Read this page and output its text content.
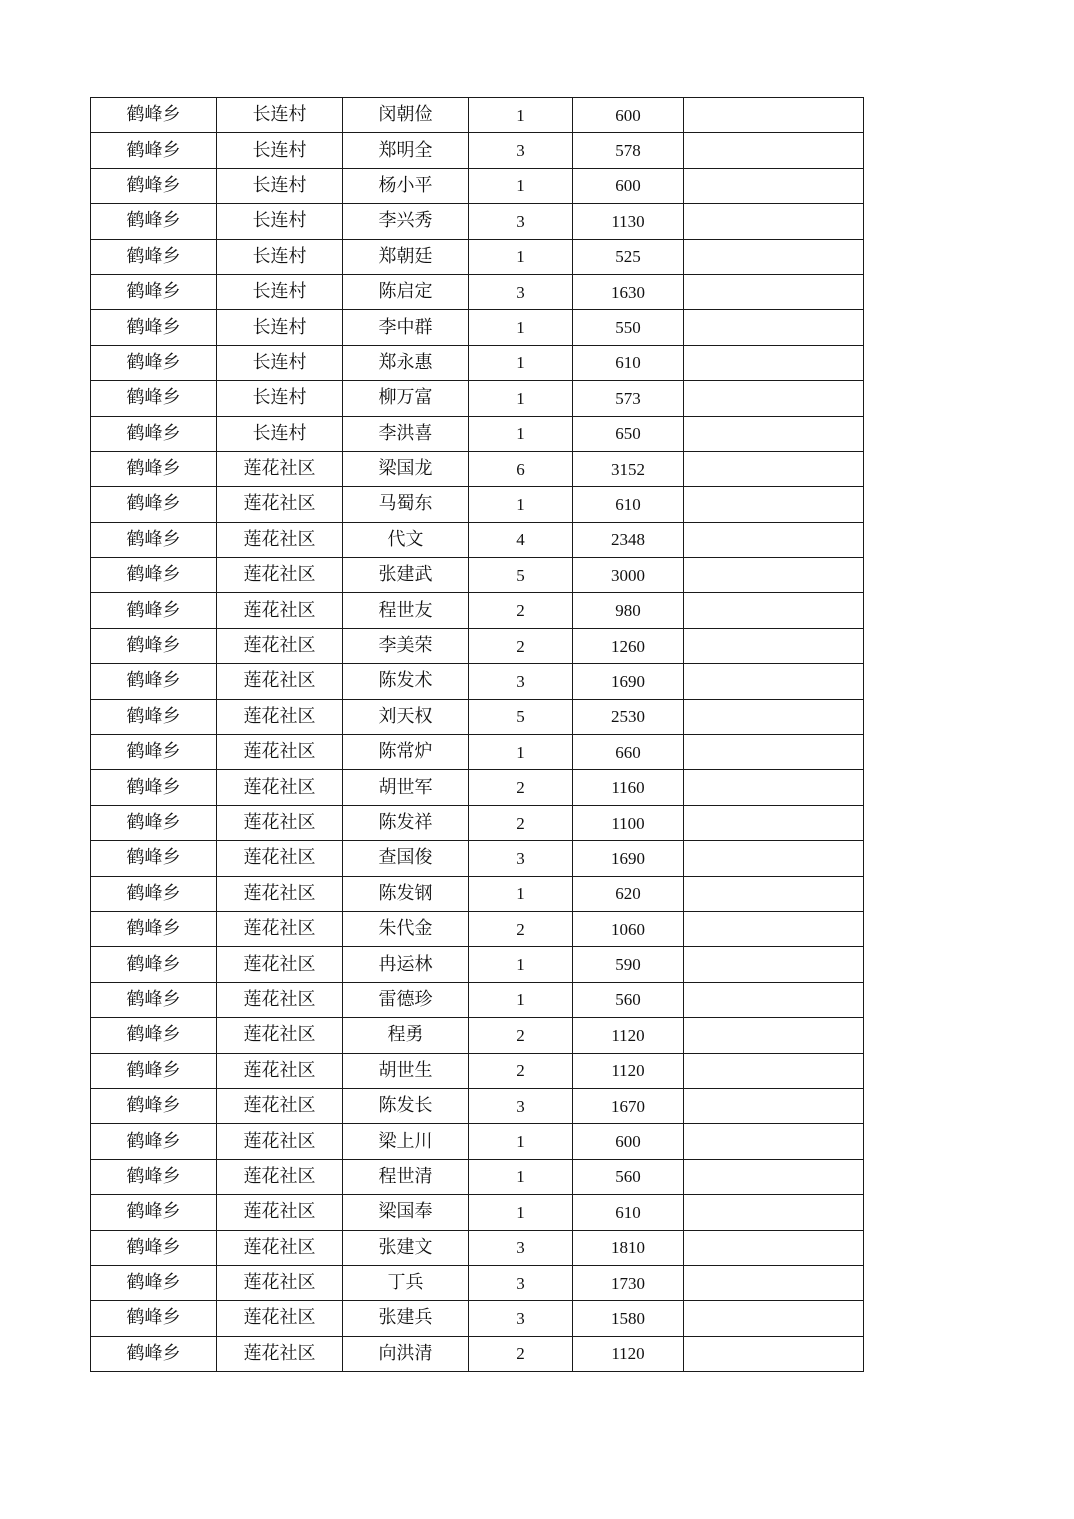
鹤峰乡	长连村	闵朝俭	1	600	
鹤峰乡	长连村	郑明全	3	578	
鹤峰乡	长连村	杨小平	1	600	
鹤峰乡	长连村	李兴秀	3	1130	
鹤峰乡	长连村	郑朝廷	1	525	
鹤峰乡	长连村	陈启定	3	1630	
鹤峰乡	长连村	李中群	1	550	
鹤峰乡	长连村	郑永惠	1	610	
鹤峰乡	长连村	柳万富	1	573	
鹤峰乡	长连村	李洪喜	1	650	
鹤峰乡	莲花社区	梁国龙	6	3152	
鹤峰乡	莲花社区	马蜀东	1	610	
鹤峰乡	莲花社区	代文	4	2348	
鹤峰乡	莲花社区	张建武	5	3000	
鹤峰乡	莲花社区	程世友	2	980	
鹤峰乡	莲花社区	李美荣	2	1260	
鹤峰乡	莲花社区	陈发术	3	1690	
鹤峰乡	莲花社区	刘天权	5	2530	
鹤峰乡	莲花社区	陈常炉	1	660	
鹤峰乡	莲花社区	胡世军	2	1160	
鹤峰乡	莲花社区	陈发祥	2	1100	
鹤峰乡	莲花社区	查国俊	3	1690	
鹤峰乡	莲花社区	陈发钢	1	620	
鹤峰乡	莲花社区	朱代金	2	1060	
鹤峰乡	莲花社区	冉运林	1	590	
鹤峰乡	莲花社区	雷德珍	1	560	
鹤峰乡	莲花社区	程勇	2	1120	
鹤峰乡	莲花社区	胡世生	2	1120	
鹤峰乡	莲花社区	陈发长	3	1670	
鹤峰乡	莲花社区	梁上川	1	600	
鹤峰乡	莲花社区	程世清	1	560	
鹤峰乡	莲花社区	梁国奉	1	610	
鹤峰乡	莲花社区	张建文	3	1810	
鹤峰乡	莲花社区	丁兵	3	1730	
鹤峰乡	莲花社区	张建兵	3	1580	
鹤峰乡	莲花社区	向洪清	2	1120	
